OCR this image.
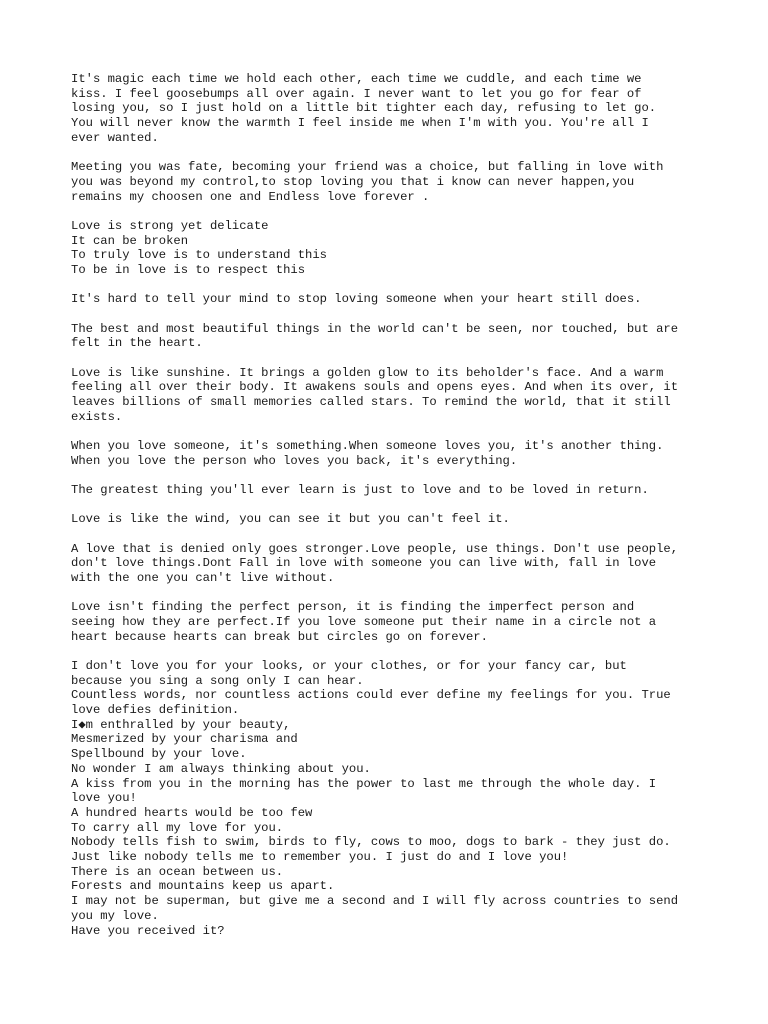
It's magic each time we hold each other, each time we cuddle, and each time we
kiss. I feel goosebumps all over again. I never want to let you go for fear of
losing you, so I just hold on a little bit tighter each day, refusing to let go.
You will never know the warmth I feel inside me when I'm with you. You're all I
ever wanted.

Meeting you was fate, becoming your friend was a choice, but falling in love with
you was beyond my control,to stop loving you that i know can never happen,you
remains my choosen one and Endless love forever .

Love is strong yet delicate
It can be broken
To truly love is to understand this
To be in love is to respect this

It's hard to tell your mind to stop loving someone when your heart still does.

The best and most beautiful things in the world can't be seen, nor touched, but are
felt in the heart.

Love is like sunshine. It brings a golden glow to its beholder's face. And a warm
feeling all over their body. It awakens souls and opens eyes. And when its over, it
leaves billions of small memories called stars. To remind the world, that it still
exists.

When you love someone, it's something.When someone loves you, it's another thing.
When you love the person who loves you back, it's everything.

The greatest thing you'll ever learn is just to love and to be loved in return.

Love is like the wind, you can see it but you can't feel it.

A love that is denied only goes stronger.Love people, use things. Don't use people,
don't love things.Dont Fall in love with someone you can live with, fall in love
with the one you can't live without.

Love isn't finding the perfect person, it is finding the imperfect person and
seeing how they are perfect.If you love someone put their name in a circle not a
heart because hearts can break but circles go on forever.

I don't love you for your looks, or your clothes, or for your fancy car, but
because you sing a song only I can hear.
Countless words, nor countless actions could ever define my feelings for you. True
love defies definition.
I◆m enthralled by your beauty,
Mesmerized by your charisma and
Spellbound by your love.
No wonder I am always thinking about you.
A kiss from you in the morning has the power to last me through the whole day. I
love you!
A hundred hearts would be too few
To carry all my love for you.
Nobody tells fish to swim, birds to fly, cows to moo, dogs to bark - they just do.
Just like nobody tells me to remember you. I just do and I love you!
There is an ocean between us.
Forests and mountains keep us apart.
I may not be superman, but give me a second and I will fly across countries to send
you my love.
Have you received it?
